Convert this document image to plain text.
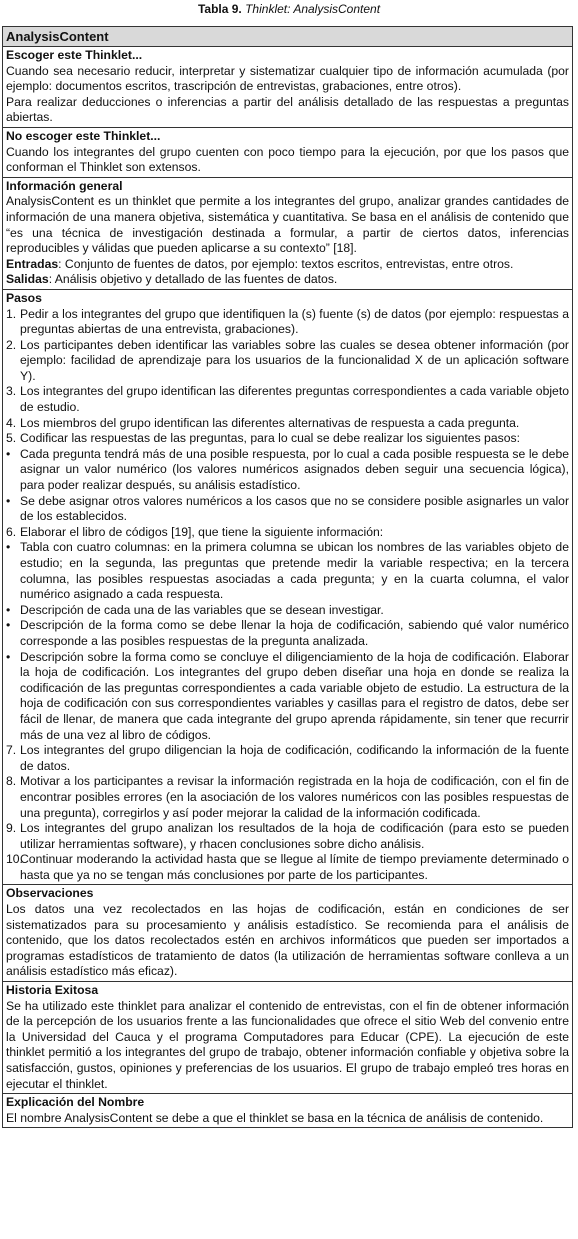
Tabla 9. Thinklet: AnalysisContent
AnalysisContent

Escoger este Thinklet...

Cuando sea necesario reducir, interpretar y sistematizar cualquier tipo de información acumulada (por ejemplo: documentos escritos, trascripción de entrevistas, grabaciones, entre otros).

Para realizar deducciones o inferencias a partir del análisis detallado de las respuestas a preguntas abiertas.

No escoger este Thinklet...

Cuando los integrantes del grupo cuenten con poco tiempo para la ejecución, por que los pasos que conforman el Thinklet son extensos.

Información general

AnalysisContent es un thinklet que permite a los integrantes del grupo, analizar grandes cantidades de información de una manera objetiva, sistemática y cuantitativa. Se basa en el análisis de contenido que “es una técnica de investigación destinada a formular, a partir de ciertos datos, inferencias reproducibles y válidas que pueden aplicarse a su contexto” [18].

Entradas: Conjunto de fuentes de datos, por ejemplo: textos escritos, entrevistas, entre otros.

Salidas: Análisis objetivo y detallado de las fuentes de datos.

Pasos

1. Pedir a los integrantes del grupo que identifiquen la (s) fuente (s) de datos (por ejemplo: respuestas a preguntas abiertas de una entrevista, grabaciones).
2. Los participantes deben identificar las variables sobre las cuales se desea obtener información (por ejemplo: facilidad de aprendizaje para los usuarios de la funcionalidad X de un aplicación software Y).
3. Los integrantes del grupo identifican las diferentes preguntas correspondientes a cada variable objeto de estudio.
4. Los miembros del grupo identifican las diferentes alternativas de respuesta a cada pregunta.
5. Codificar las respuestas de las preguntas, para lo cual se debe realizar los siguientes pasos:
• Cada pregunta tendrá más de una posible respuesta, por lo cual a cada posible respuesta se le debe asignar un valor numérico (los valores numéricos asignados deben seguir una secuencia lógica), para poder realizar después, su análisis estadístico.
• Se debe asignar otros valores numéricos a los casos que no se considere posible asignarles un valor de los establecidos.
6. Elaborar el libro de códigos [19], que tiene la siguiente información:
• Tabla con cuatro columnas: en la primera columna se ubican los nombres de las variables objeto de estudio; en la segunda, las preguntas que pretende medir la variable respectiva; en la tercera columna, las posibles respuestas asociadas a cada pregunta; y en la cuarta columna, el valor numérico asignado a cada respuesta.
• Descripción de cada una de las variables que se desean investigar.
• Descripción de la forma como se debe llenar la hoja de codificación, sabiendo qué valor numérico corresponde a las posibles respuestas de la pregunta analizada.
• Descripción sobre la forma como se concluye el diligenciamiento de la hoja de codificación. Elaborar la hoja de codificación. Los integrantes del grupo deben diseñar una hoja en donde se realiza la codificación de las preguntas correspondientes a cada variable objeto de estudio. La estructura de la hoja de codificación con sus correspondientes variables y casillas para el registro de datos, debe ser fácil de llenar, de manera que cada integrante del grupo aprenda rápidamente, sin tener que recurrir más de una vez al libro de códigos.
7. Los integrantes del grupo diligencian la hoja de codificación, codificando la información de la fuente de datos.
8. Motivar a los participantes a revisar la información registrada en la hoja de codificación, con el fin de encontrar posibles errores (en la asociación de los valores numéricos con las posibles respuestas de una pregunta), corregirlos y así poder mejorar la calidad de la información codificada.
9. Los integrantes del grupo analizan los resultados de la hoja de codificación (para esto se pueden utilizar herramientas software), y rhacen conclusiones sobre dicho análisis.
10.
Continuar moderando la actividad hasta que se llegue al límite de tiempo previamente determinado o hasta que ya no se tengan más conclusiones por parte de los participantes.

Observaciones

Los datos una vez recolectados en las hojas de codificación, están en condiciones de ser sistematizados para su procesamiento y análisis estadístico. Se recomienda para el análisis de contenido, que los datos recolectados estén en archivos informáticos que pueden ser importados a programas estadísticos de tratamiento de datos (la utilización de herramientas software conlleva a un análisis estadístico más eficaz).

Historia Exitosa

Se ha utilizado este thinklet para analizar el contenido de entrevistas, con el fin de obtener información de la percepción de los usuarios frente a las funcionalidades que ofrece el sitio Web del convenio entre la Universidad del Cauca y el programa Computadores para Educar (CPE). La ejecución de este thinklet permitió a los integrantes del grupo de trabajo, obtener información confiable y objetiva sobre la satisfacción, gustos, opiniones y preferencias de los usuarios. El grupo de trabajo empleó tres horas en ejecutar el thinklet.

Explicación del Nombre

El nombre AnalysisContent se debe a que el thinklet se basa en la técnica de análisis de contenido.
